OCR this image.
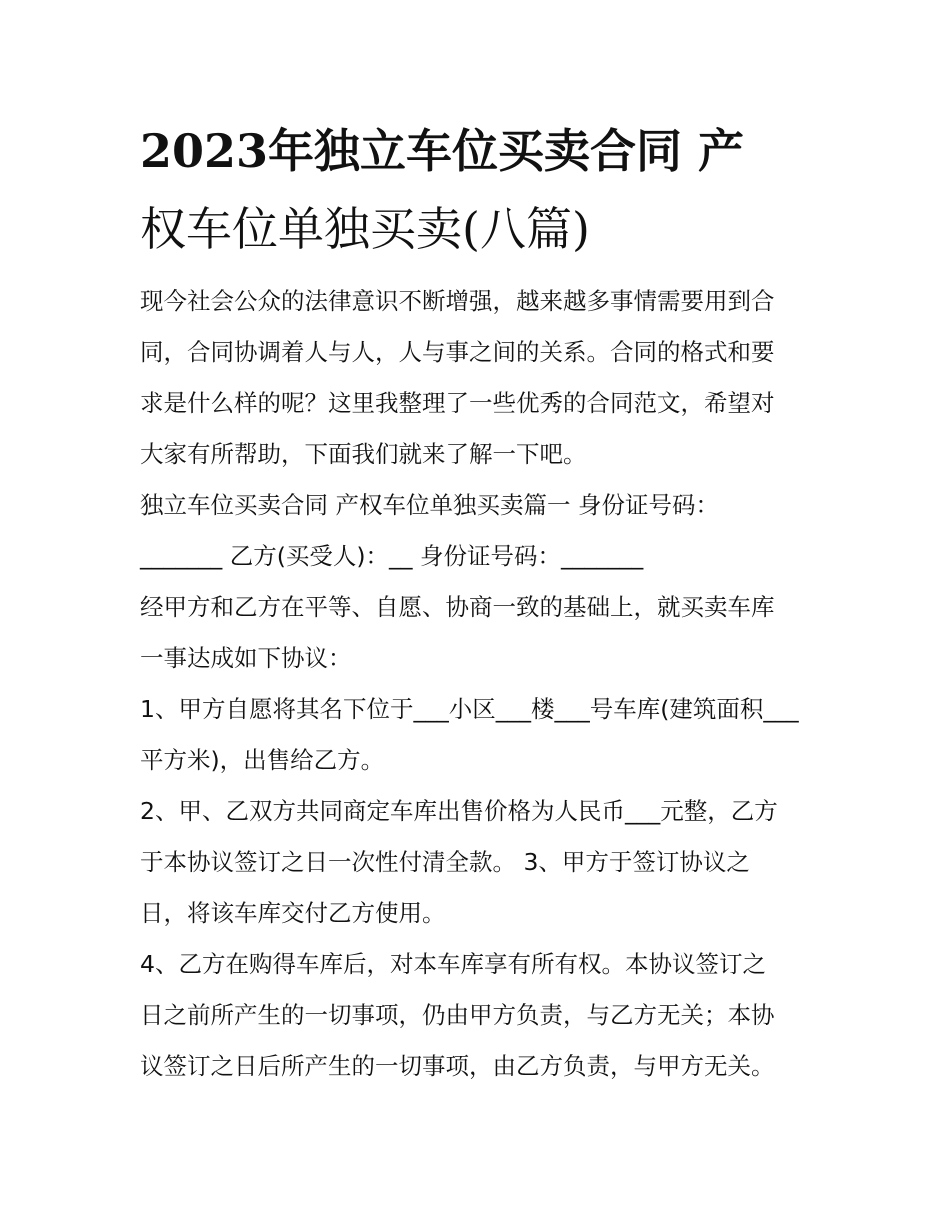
2023年独立车位买卖合同 产
权车位单独买卖(八篇)
现今社会公众的法律意识不断增强，越来越多事情需要用到合
同，合同协调着人与人，人与事之间的关系。合同的格式和要
求是什么样的呢？这里我整理了一些优秀的合同范文，希望对
大家有所帮助，下面我们就来了解一下吧。
独立车位买卖合同 产权车位单独买卖篇一 身份证号码：
_______ 乙方(买受人)：__ 身份证号码：_______
经甲方和乙方在平等、自愿、协商一致的基础上，就买卖车库
一事达成如下协议：
1、甲方自愿将其名下位于___小区___楼___号车库(建筑面积___
平方米)，出售给乙方。
2、甲、乙双方共同商定车库出售价格为人民币___元整，乙方
于本协议签订之日一次性付清全款。 3、甲方于签订协议之
日，将该车库交付乙方使用。
4、乙方在购得车库后，对本车库享有所有权。本协议签订之
日之前所产生的一切事项，仍由甲方负责，与乙方无关；本协
议签订之日后所产生的一切事项，由乙方负责，与甲方无关。
